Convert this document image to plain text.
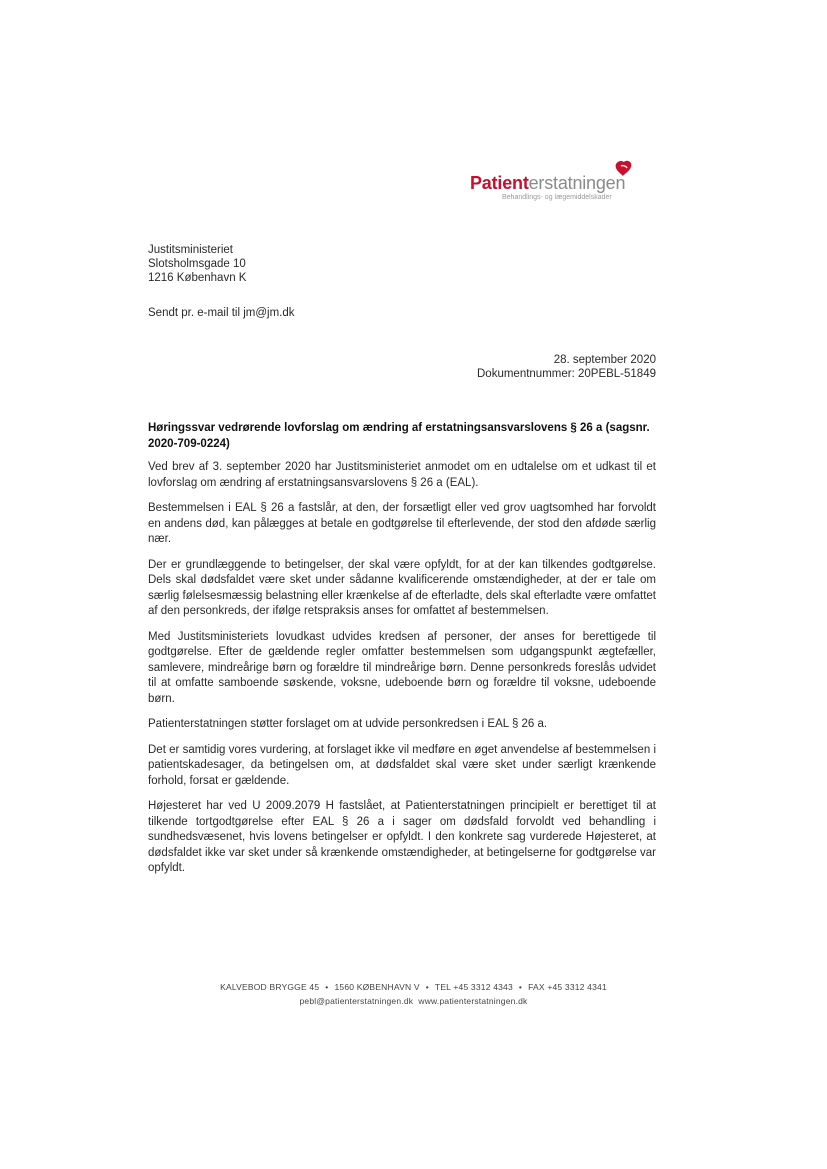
Patienterstatningen
Behandlings- og lægemiddelskader
Justitsministeriet
Slotsholmsgade 10
1216 København K
Sendt pr. e-mail til jm@jm.dk
28. september 2020
Dokumentnummer: 20PEBL-51849
Høringssvar vedrørende lovforslag om ændring af erstatningsansvarslovens § 26 a (sagsnr. 2020-709-0224)

Ved brev af 3. september 2020 har Justitsministeriet anmodet om en udtalelse om et udkast til et lovforslag om ændring af erstatningsansvarslovens § 26 a (EAL).

Bestemmelsen i EAL § 26 a fastslår, at den, der forsætligt eller ved grov uagtsomhed har forvoldt en andens død, kan pålægges at betale en godtgørelse til efterlevende, der stod den afdøde særlig nær.

Der er grundlæggende to betingelser, der skal være opfyldt, for at der kan tilkendes godtgørelse. Dels skal dødsfaldet være sket under sådanne kvalificerende omstændigheder, at der er tale om særlig følelsesmæssig belastning eller krænkelse af de efterladte, dels skal efterladte være omfattet af den personkreds, der ifølge retspraksis anses for omfattet af bestemmelsen.

Med Justitsministeriets lovudkast udvides kredsen af personer, der anses for berettigede til godtgørelse. Efter de gældende regler omfatter bestemmelsen som udgangspunkt ægtefæller, samlevere, mindreårige børn og forældre til mindreårige børn. Denne personkreds foreslås udvidet til at omfatte samboende søskende, voksne, udeboende børn og forældre til voksne, udeboende børn.

Patienterstatningen støtter forslaget om at udvide personkredsen i EAL § 26 a.

Det er samtidig vores vurdering, at forslaget ikke vil medføre en øget anvendelse af bestemmelsen i patientskadesager, da betingelsen om, at dødsfaldet skal være sket under særligt krænkende forhold, forsat er gældende.

Højesteret har ved U 2009.2079 H fastslået, at Patienterstatningen principielt er berettiget til at tilkende tortgodtgørelse efter EAL § 26 a i sager om dødsfald forvoldt ved behandling i sundhedsvæsenet, hvis lovens betingelser er opfyldt. I den konkrete sag vurderede Højesteret, at dødsfaldet ikke var sket under så krænkende omstændigheder, at betingelserne for godtgørelse var opfyldt.

KALVEBOD BRYGGE 45 • 1560 KØBENHAVN V • TEL +45 3312 4343 • FAX +45 3312 4341
pebl@patienterstatningen.dk www.patienterstatningen.dk
